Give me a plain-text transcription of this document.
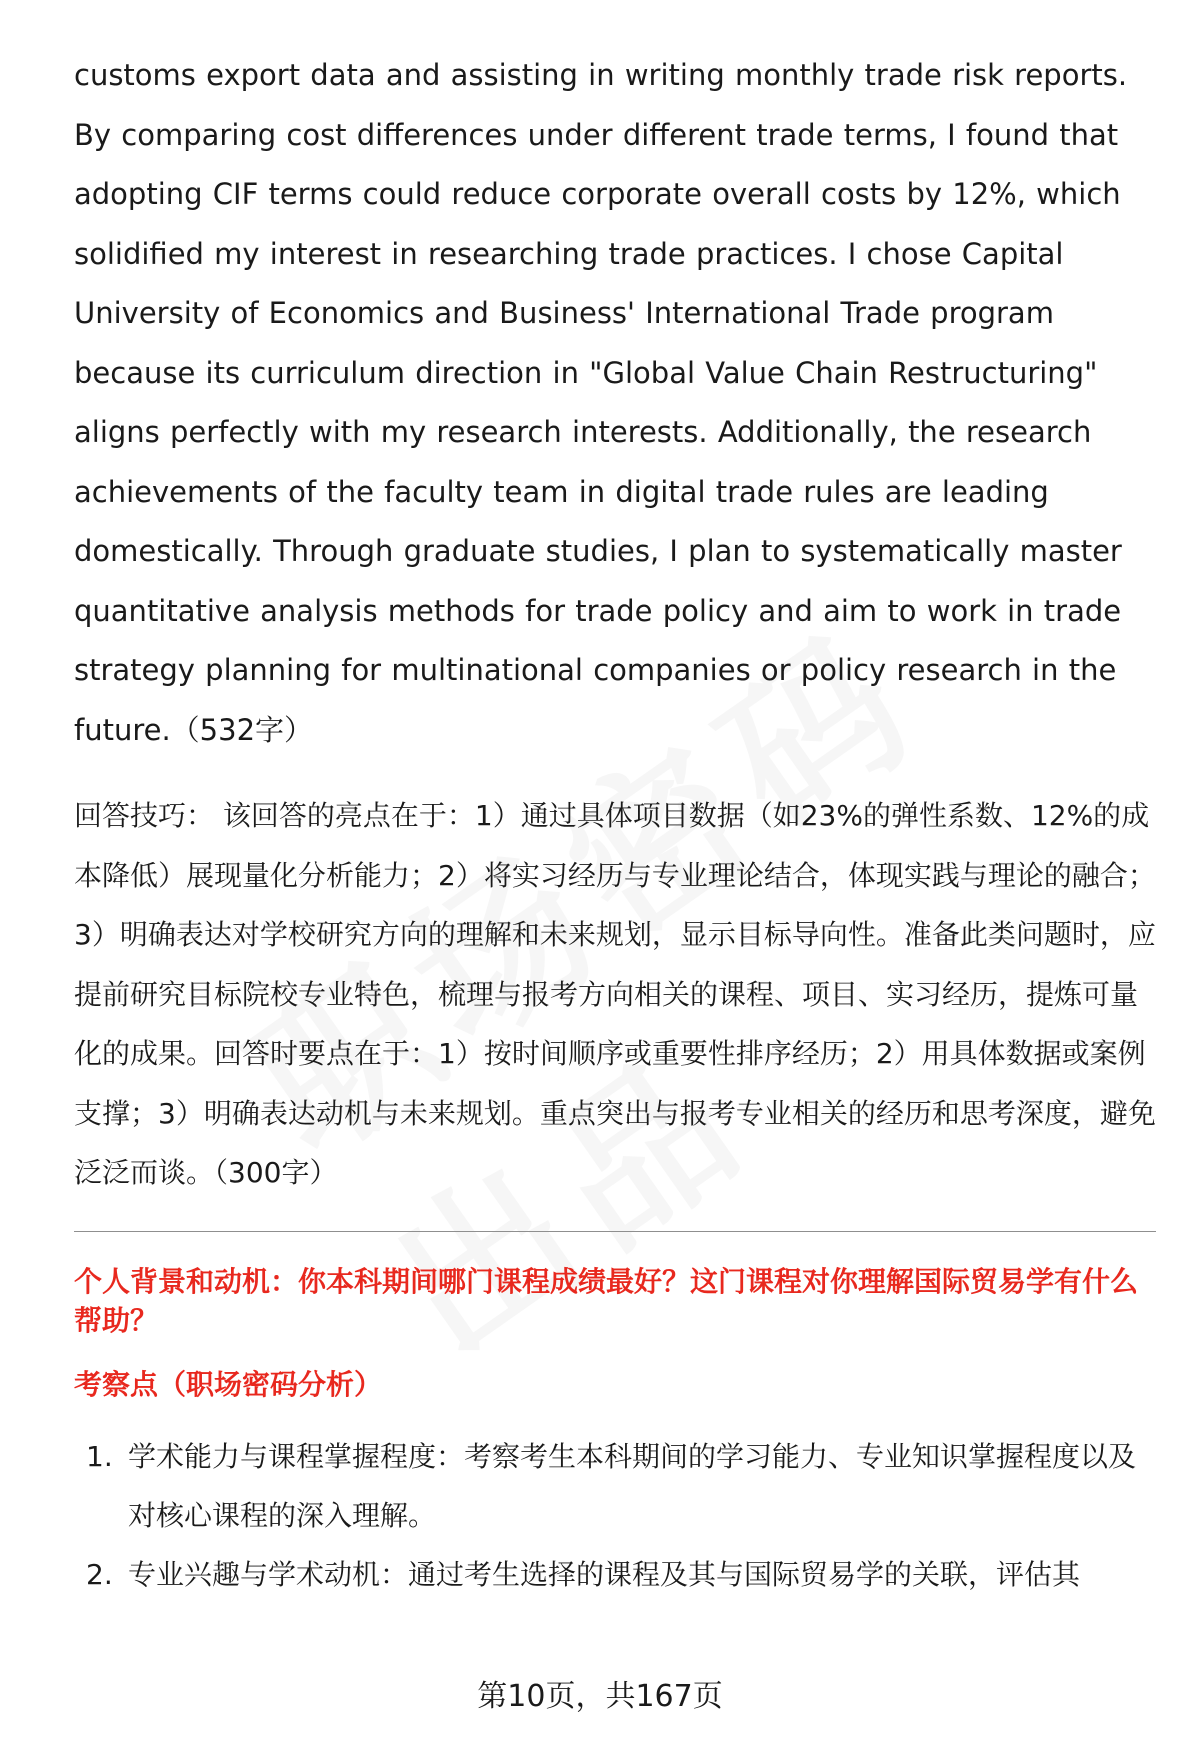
customs export data and assisting in writing monthly trade risk reports. By comparing cost differences under different trade terms, I found that adopting CIF terms could reduce corporate overall costs by 12%, which solidified my interest in researching trade practices. I chose Capital University of Economics and Business' International Trade program because its curriculum direction in "Global Value Chain Restructuring" aligns perfectly with my research interests. Additionally, the research achievements of the faculty team in digital trade rules are leading domestically. Through graduate studies, I plan to systematically master quantitative analysis methods for trade policy and aim to work in trade strategy planning for multinational companies or policy research in the future.（532字）

回答技巧： 该回答的亮点在于：1）通过具体项目数据（如23%的弹性系数、12%的成本降低）展现量化分析能力；2）将实习经历与专业理论结合，体现实践与理论的融合；3）明确表达对学校研究方向的理解和未来规划，显示目标导向性。准备此类问题时，应提前研究目标院校专业特色，梳理与报考方向相关的课程、项目、实习经历，提炼可量化的成果。回答时要点在于：1）按时间顺序或重要性排序经历；2）用具体数据或案例支撑；3）明确表达动机与未来规划。重点突出与报考专业相关的经历和思考深度，避免泛泛而谈。（300字）

个人背景和动机：你本科期间哪门课程成绩最好？这门课程对你理解国际贸易学有什么帮助？
考察点（职场密码分析）
1. 学术能力与课程掌握程度：考察考生本科期间的学习能力、专业知识掌握程度以及对核心课程的深入理解。
2. 专业兴趣与学术动机：通过考生选择的课程及其与国际贸易学的关联，评估其
第10页，共167页
